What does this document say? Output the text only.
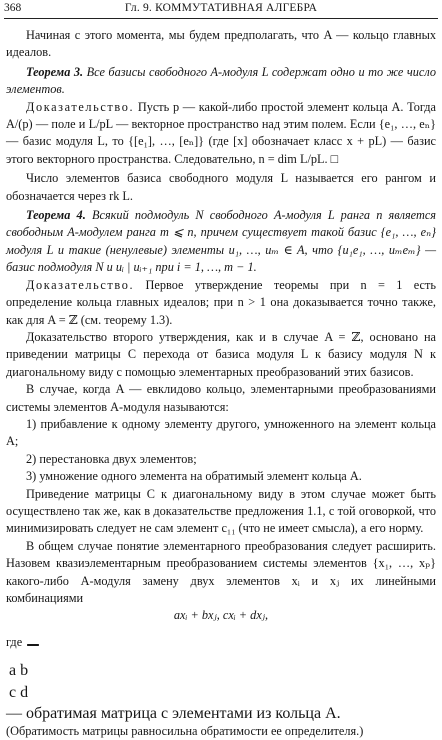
368	Гл. 9. КОММУТАТИВНАЯ АЛГЕБРА

Начиная с этого момента, мы будем предполагать, что A — кольцо главных идеалов.

Теорема 3. Все базисы свободного A-модуля L содержат одно и то же число элементов.

Доказательство. Пусть p — какой-либо простой элемент кольца A. Тогда A/(p) — поле и L/pL — векторное пространство над этим полем. Если {e₁, …, eₙ} — базис модуля L, то {[e₁], …, [eₙ]} (где [x] обозначает класс x + pL) — базис этого векторного пространства. Следовательно, n = dim L/pL. □

Число элементов базиса свободного модуля L называется его рангом и обозначается через rk L.

Теорема 4. Всякий подмодуль N свободного A-модуля L ранга n является свободным A-модулем ранга m ⩽ n, причем существует такой базис {e₁, …, eₙ} модуля L и такие (ненулевые) элементы u₁, …, uₘ ∈ A, что {u₁e₁, …, uₘeₘ} — базис подмодуля N и uᵢ | uᵢ₊₁ при i = 1, …, m − 1.

Доказательство. Первое утверждение теоремы при n = 1 есть определение кольца главных идеалов; при n > 1 она доказывается точно также, как для A = ℤ (см. теорему 1.3).

Доказательство второго утверждения, как и в случае A = ℤ, основано на приведении матрицы C перехода от базиса модуля L к базису модуля N к диагональному виду с помощью элементарных преобразований этих базисов.

В случае, когда A — евклидово кольцо, элементарными преобразованиями системы элементов A-модуля называются:

1) прибавление к одному элементу другого, умноженного на элемент кольца A;

2) перестановка двух элементов;

3) умножение одного элемента на обратимый элемент кольца A.

Приведение матрицы C к диагональному виду в этом случае может быть осуществлено так же, как в доказательстве предложения 1.1, с той оговоркой, что минимизировать следует не сам элемент c₁₁ (что не имеет смысла), а его норму.

В общем случае понятие элементарного преобразования следует расширить. Назовем квазиэлементарным преобразованием системы элементов {x₁, …, xₚ} какого-либо A-модуля замену двух элементов xᵢ и xⱼ их линейными комбинациями

axᵢ + bxⱼ, cxᵢ + dxⱼ,

где

a	b
c	d
— обратимая матрица с элементами из кольца A.

(Обратимость матрицы равносильна обратимости ее определителя.)
